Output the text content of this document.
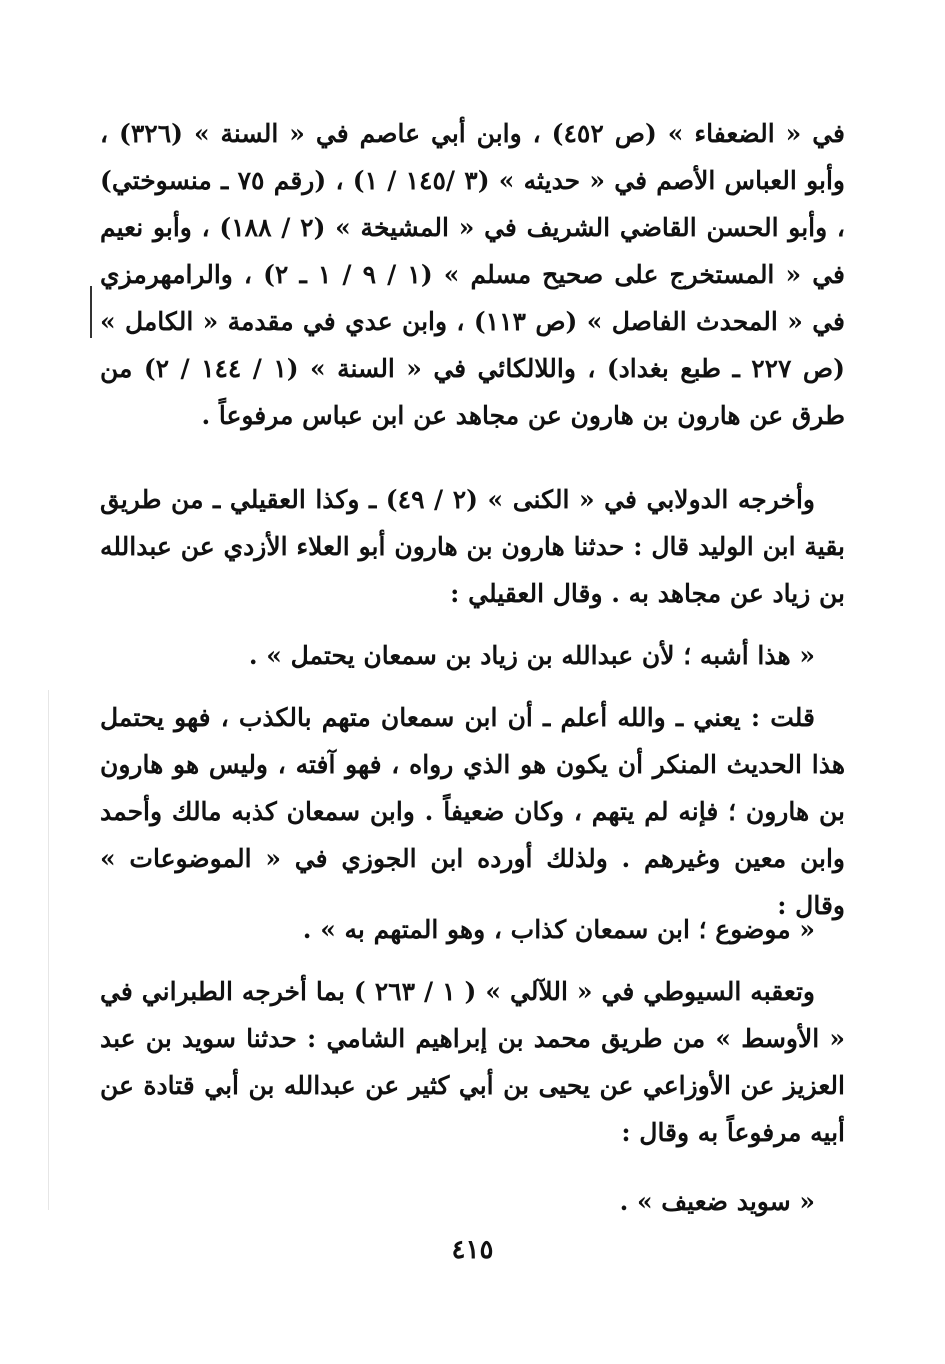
في « الضعفاء » (ص ٤٥٢) ، وابن أبي عاصم في « السنة » (٣٢٦) ، وأبو العباس الأصم في « حديثه » (٣ /١٤٥ / ١) ، (رقم ٧٥ ـ منسوختي) ، وأبو الحسن القاضي الشريف في « المشيخة » (٢ / ١٨٨) ، وأبو نعيم في « المستخرج على صحيح مسلم » (١ / ٩ / ١ ـ ٢) ، والرامهرمزي في « المحدث الفاصل » (ص ١١٣) ، وابن عدي في مقدمة « الكامل » (ص ٢٢٧ ـ طبع بغداد) ، واللالكائي في « السنة » (١ / ١٤٤ / ٢) من طرق عن هارون بن هارون عن مجاهد عن ابن عباس مرفوعاً .

وأخرجه الدولابي في « الكنى » (٢ / ٤٩) ـ وكذا العقيلي ـ من طريق بقية ابن الوليد قال : حدثنا هارون بن هارون أبو العلاء الأزدي عن عبدالله بن زياد عن مجاهد به . وقال العقيلي :

« هذا أشبه ؛ لأن عبدالله بن زياد بن سمعان يحتمل » .

قلت : يعني ـ والله أعلم ـ أن ابن سمعان متهم بالكذب ، فهو يحتمل هذا الحديث المنكر أن يكون هو الذي رواه ، فهو آفته ، وليس هو هارون بن هارون ؛ فإنه لم يتهم ، وكان ضعيفاً . وابن سمعان كذبه مالك وأحمد وابن معين وغيرهم . ولذلك أورده ابن الجوزي في « الموضوعات » وقال :

« موضوع ؛ ابن سمعان كذاب ، وهو المتهم به » .

وتعقبه السيوطي في « اللآلي » ( ١ / ٢٦٣ ) بما أخرجه الطبراني في « الأوسط » من طريق محمد بن إبراهيم الشامي : حدثنا سويد بن عبد العزيز عن الأوزاعي عن يحيى بن أبي كثير عن عبدالله بن أبي قتادة عن أبيه مرفوعاً به وقال :

« سويد ضعيف » .

٤١٥
